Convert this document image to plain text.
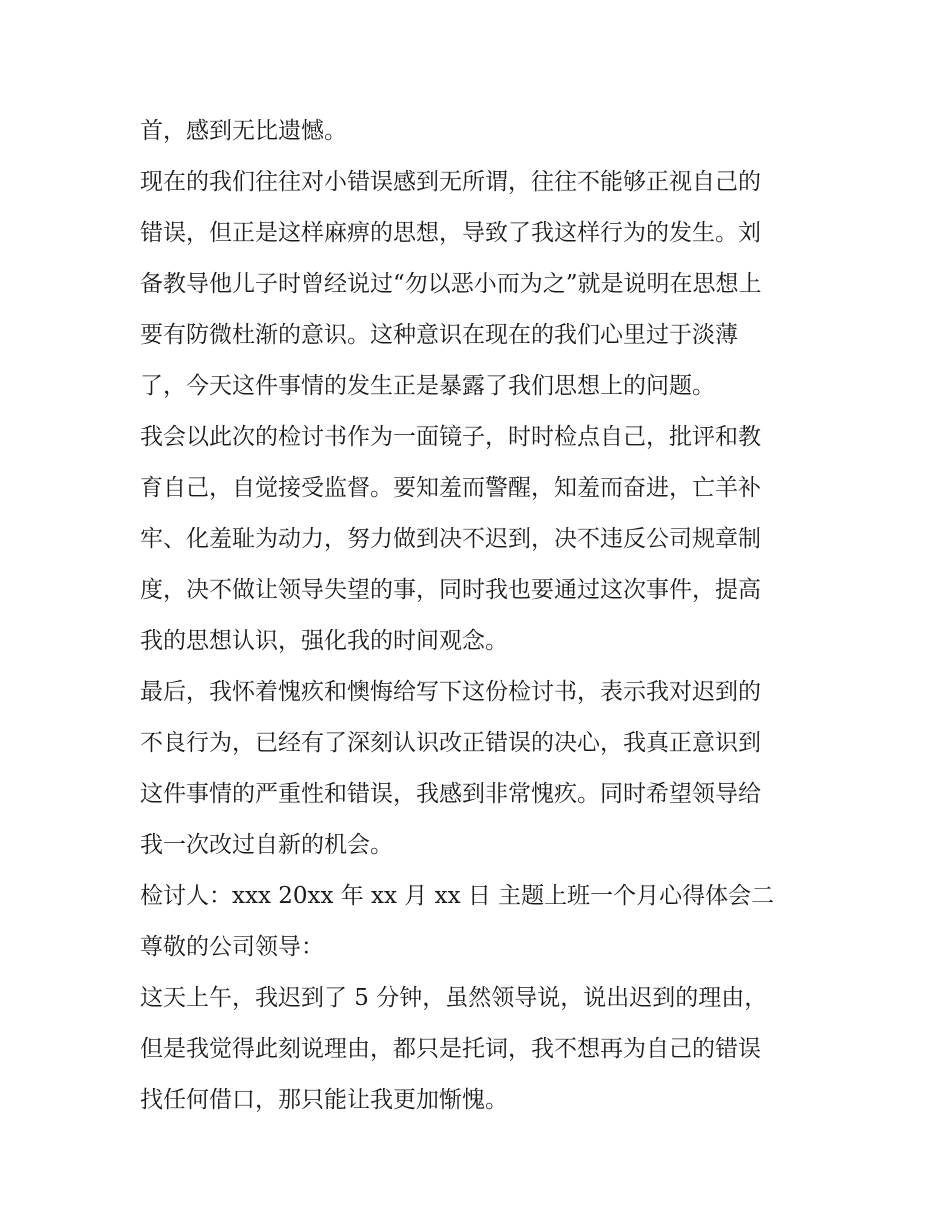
首，感到无比遗憾。
现在的我们往往对小错误感到无所谓，往往不能够正视自己的
错误，但正是这样麻痹的思想，导致了我这样行为的发生。刘
备教导他儿子时曾经说过“勿以恶小而为之”就是说明在思想上
要有防微杜渐的意识。这种意识在现在的我们心里过于淡薄
了，今天这件事情的发生正是暴露了我们思想上的问题。
我会以此次的检讨书作为一面镜子，时时检点自己，批评和教
育自己，自觉接受监督。要知羞而警醒，知羞而奋进，亡羊补
牢、化羞耻为动力，努力做到决不迟到，决不违反公司规章制
度，决不做让领导失望的事，同时我也要通过这次事件，提高
我的思想认识，强化我的时间观念。
最后，我怀着愧疚和懊悔给写下这份检讨书，表示我对迟到的
不良行为，已经有了深刻认识改正错误的决心，我真正意识到
这件事情的严重性和错误，我感到非常愧疚。同时希望领导给
我一次改过自新的机会。
检讨人：xxx 20xx 年 xx 月 xx 日 主题上班一个月心得体会二
尊敬的公司领导：
这天上午，我迟到了 5 分钟，虽然领导说，说出迟到的理由，
但是我觉得此刻说理由，都只是托词，我不想再为自己的错误
找任何借口，那只能让我更加惭愧。
